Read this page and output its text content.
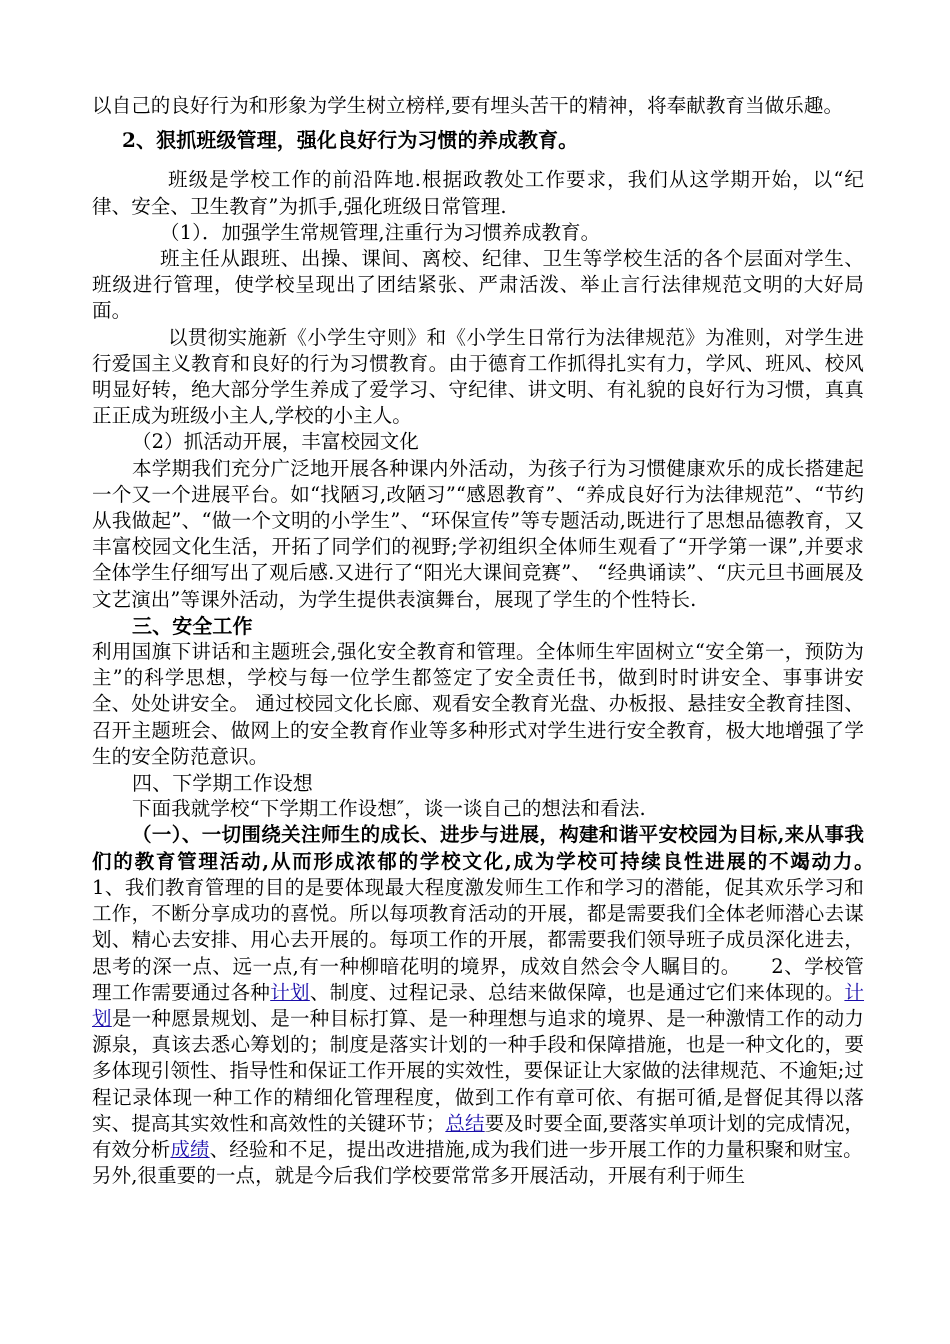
以自己的良好行为和形象为学生树立榜样,要有埋头苦干的精神，将奉献教育当做乐趣。

2、狠抓班级管理，强化良好行为习惯的养成教育。

班级是学校工作的前沿阵地.根据政教处工作要求，我们从这学期开始，以“纪律、安全、卫生教育”为抓手,强化班级日常管理.

（1）．加强学生常规管理,注重行为习惯养成教育。

班主任从跟班、出操、课间、离校、纪律、卫生等学校生活的各个层面对学生、班级进行管理，使学校呈现出了团结紧张、严肃活泼、举止言行法律规范文明的大好局面。

以贯彻实施新《小学生守则》和《小学生日常行为法律规范》为准则，对学生进行爱国主义教育和良好的行为习惯教育。由于德育工作抓得扎实有力，学风、班风、校风明显好转，绝大部分学生养成了爱学习、守纪律、讲文明、有礼貌的良好行为习惯，真真正正成为班级小主人,学校的小主人。

（2）抓活动开展，丰富校园文化

本学期我们充分广泛地开展各种课内外活动，为孩子行为习惯健康欢乐的成长搭建起一个又一个进展平台。如“找陋习,改陋习”“感恩教育”、“养成良好行为法律规范”、“节约从我做起”、“做一个文明的小学生”、“环保宣传”等专题活动,既进行了思想品德教育，又丰富校园文化生活，开拓了同学们的视野;学初组织全体师生观看了“开学第一课”,并要求全体学生仔细写出了观后感.又进行了“阳光大课间竞赛”、 “经典诵读”、“庆元旦书画展及文艺演出”等课外活动，为学生提供表演舞台，展现了学生的个性特长.

三、安全工作

利用国旗下讲话和主题班会,强化安全教育和管理。全体师生牢固树立“安全第一，预防为主”的科学思想，学校与每一位学生都签定了安全责任书，做到时时讲安全、事事讲安全、处处讲安全。 通过校园文化长廊、观看安全教育光盘、办板报、悬挂安全教育挂图、召开主题班会、做网上的安全教育作业等多种形式对学生进行安全教育，极大地增强了学生的安全防范意识。

四、下学期工作设想

下面我就学校“下学期工作设想″，谈一谈自己的想法和看法.

（一）、一切围绕关注师生的成长、进步与进展，构建和谐平安校园为目标,来从事我们的教育管理活动,从而形成浓郁的学校文化,成为学校可持续良性进展的不竭动力。　　1、我们教育管理的目的是要体现最大程度激发师生工作和学习的潜能，促其欢乐学习和工作，不断分享成功的喜悦。所以每项教育活动的开展，都是需要我们全体老师潜心去谋划、精心去安排、用心去开展的。每项工作的开展，都需要我们领导班子成员深化进去，思考的深一点、远一点,有一种柳暗花明的境界，成效自然会令人瞩目的。　　2、学校管理工作需要通过各种计划、制度、过程记录、总结来做保障，也是通过它们来体现的。计划是一种愿景规划、是一种目标打算、是一种理想与追求的境界、是一种激情工作的动力源泉，真该去悉心筹划的；制度是落实计划的一种手段和保障措施，也是一种文化的，要多体现引领性、指导性和保证工作开展的实效性，要保证让大家做的法律规范、不逾矩;过程记录体现一种工作的精细化管理程度，做到工作有章可依、有据可循,是督促其得以落实、提高其实效性和高效性的关键环节；总结要及时要全面,要落实单项计划的完成情况，有效分析成绩、经验和不足，提出改进措施,成为我们进一步开展工作的力量积聚和财宝。

另外,很重要的一点，就是今后我们学校要常常多开展活动，开展有利于师生
